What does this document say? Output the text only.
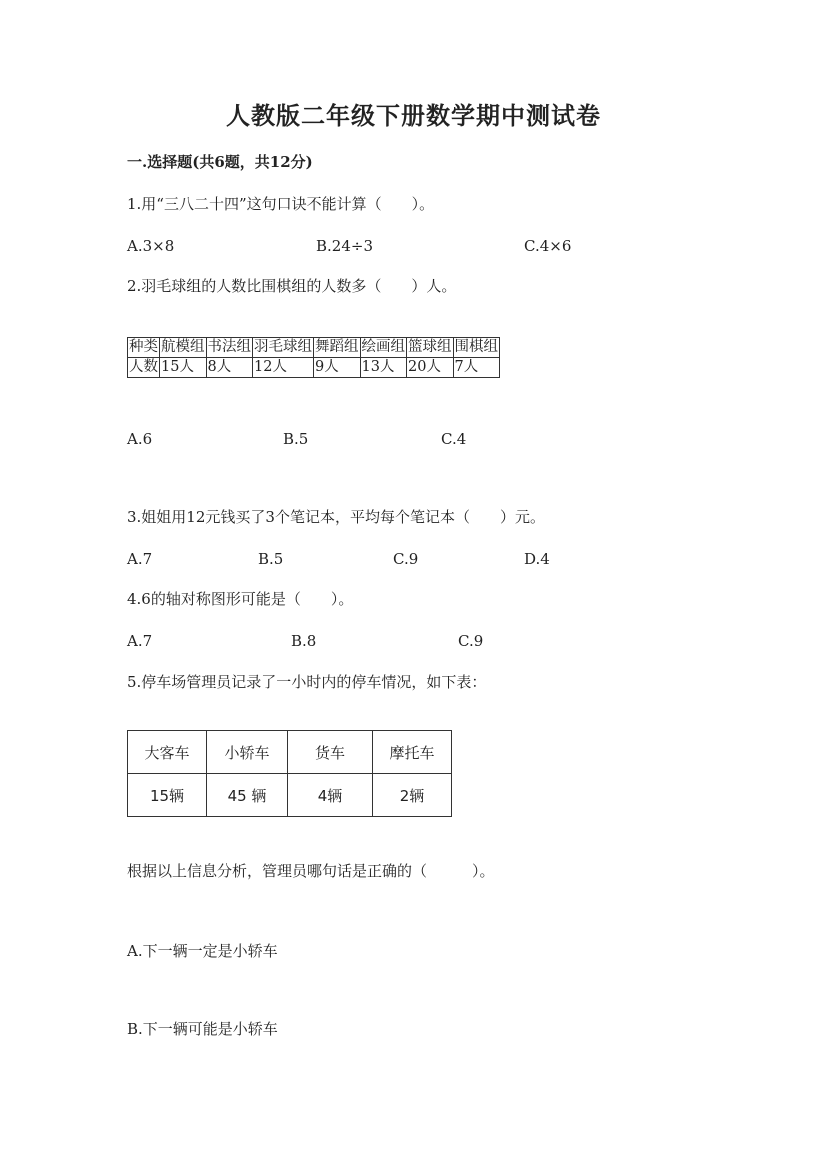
人教版二年级下册数学期中测试卷
一.选择题(共6题，共12分)
1.用“三八二十四”这句口诀不能计算（　　）。
A.3×8	B.24÷3	C.4×6
2.羽毛球组的人数比围棋组的人数多（　　）人。
种类	航模组	书法组	羽毛球组	舞蹈组	绘画组	篮球组	围棋组
人数	15人	8人	12人	9人	13人	20人	7人
A.6	B.5	C.4
3.姐姐用12元钱买了3个笔记本，平均每个笔记本（　　）元。
A.7	B.5	C.9	D.4
4.6的轴对称图形可能是（　　）。
A.7	B.8	C.9
5.停车场管理员记录了一小时内的停车情况，如下表：
大客车	小轿车	货车	摩托车
15辆	45 辆	4辆	2辆
根据以上信息分析，管理员哪句话是正确的（　　　）。
A.下一辆一定是小轿车
B.下一辆可能是小轿车
